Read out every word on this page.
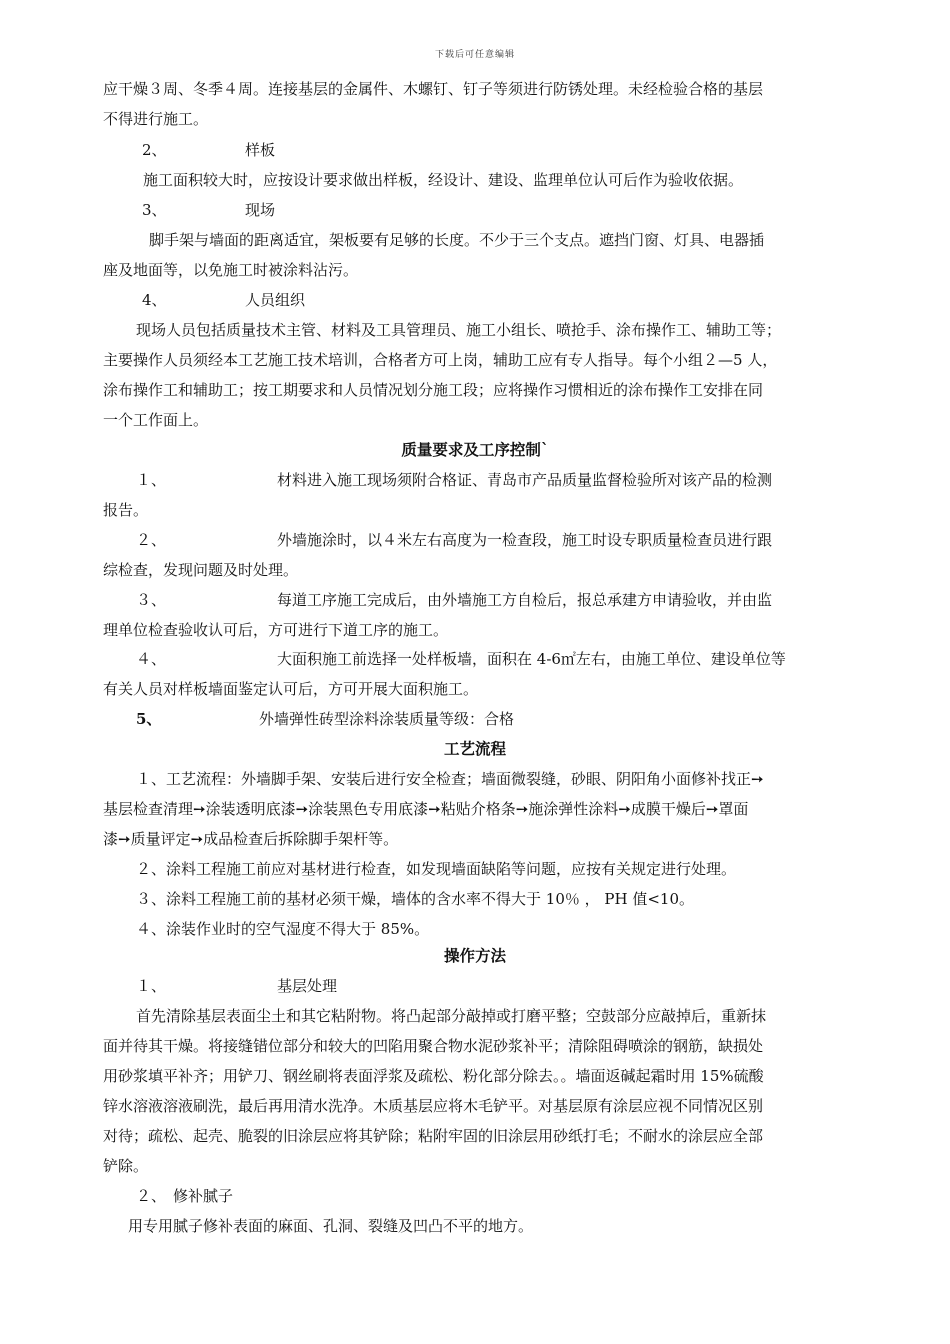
下载后可任意编辑
应干燥３周、冬季４周。连接基层的金属件、木螺钉、钉子等须进行防锈处理。未经检验合格的基层
不得进行施工。
2、	样板
施工面积较大时，应按设计要求做出样板，经设计、建设、监理单位认可后作为验收依据。
3、	现场
脚手架与墙面的距离适宜，架板要有足够的长度。不少于三个支点。遮挡门窗、灯具、电器插
座及地面等，以免施工时被涂料沾污。
4、	人员组织
现场人员包括质量技术主管、材料及工具管理员、施工小组长、喷抢手、涂布操作工、辅助工等；
主要操作人员须经本工艺施工技术培训，合格者方可上岗，辅助工应有专人指导。每个小组２—5 人，
涂布操作工和辅助工；按工期要求和人员情况划分施工段；应将操作习惯相近的涂布操作工安排在同
一个工作面上。
质量要求及工序控制`
１、	材料进入施工现场须附合格证、青岛市产品质量监督检验所对该产品的检测
报告。
２、	外墙施涂时，以４米左右高度为一检查段，施工时设专职质量检查员进行跟
综检查，发现问题及时处理。
３、	每道工序施工完成后，由外墙施工方自检后，报总承建方申请验收，并由监
理单位检查验收认可后，方可进行下道工序的施工。
４、	大面积施工前选择一处样板墙，面积在 4-6㎡左右，由施工单位、建设单位等
有关人员对样板墙面鉴定认可后，方可开展大面积施工。
5、	外墙弹性砖型涂料涂装质量等级：合格
工艺流程
１、工艺流程：外墙脚手架、安装后进行安全检查；墙面微裂缝，砂眼、阴阳角小面修补找正➙
基层检查清理➙涂装透明底漆➙涂装黑色专用底漆➙粘贴介格条➙施涂弹性涂料➙成膜干燥后➙罩面
漆➙质量评定➙成品检查后拆除脚手架杆等。
２、涂料工程施工前应对基材进行检查，如发现墙面缺陷等问题，应按有关规定进行处理。
３、涂料工程施工前的基材必须干燥，墙体的含水率不得大于 10％ ， PH 值<10。
４、涂装作业时的空气湿度不得大于 85%。
操作方法
１、	基层处理
首先清除基层表面尘土和其它粘附物。将凸起部分敲掉或打磨平整；空鼓部分应敲掉后，重新抹
面并待其干燥。将接缝错位部分和较大的凹陷用聚合物水泥砂浆补平；清除阻碍喷涂的钢筋，缺损处
用砂浆填平补齐；用铲刀、钢丝刷将表面浮浆及疏松、粉化部分除去。。墙面返碱起霜时用 15%硫酸
锌水溶液溶液刷洗，最后再用清水洗净。木质基层应将木毛铲平。对基层原有涂层应视不同情况区别
对待；疏松、起壳、脆裂的旧涂层应将其铲除；粘附牢固的旧涂层用砂纸打毛；不耐水的涂层应全部
铲除。
２、 修补腻子
用专用腻子修补表面的麻面、孔洞、裂缝及凹凸不平的地方。
